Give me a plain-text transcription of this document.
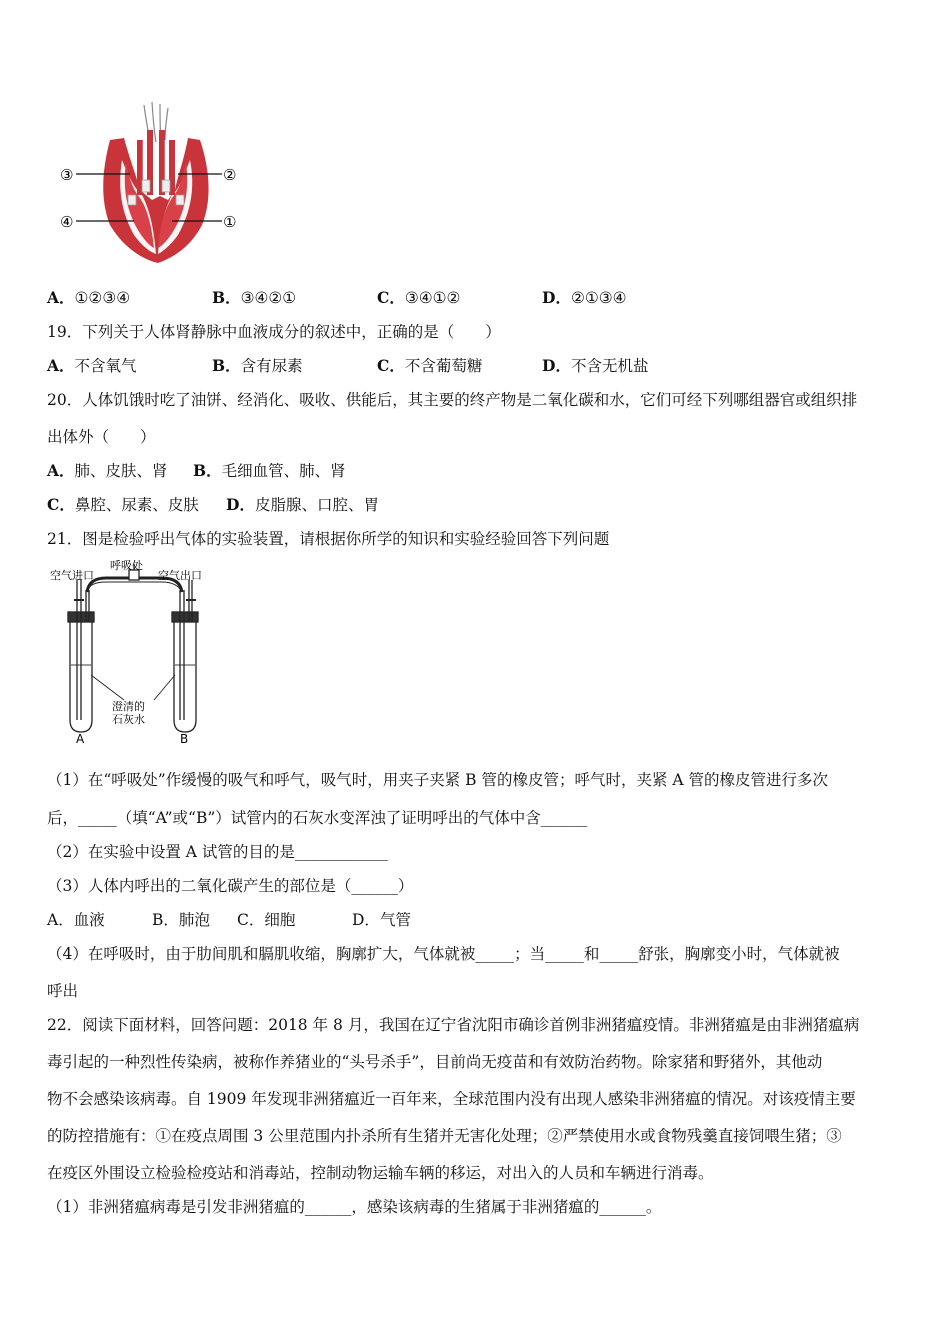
③	②
④	①
A．①②③④	B．③④②①	C．③④①②	D．②①③④
19．下列关于人体肾静脉中血液成分的叙述中，正确的是（　　）
A．不含氧气	B．含有尿素	C．不含葡萄糖	D．不含无机盐
20．人体饥饿时吃了油饼、经消化、吸收、供能后，其主要的终产物是二氧化碳和水，它们可经下列哪组器官或组织排
出体外（　　）
A．肺、皮肤、肾 B．毛细血管、肺、肾
C．鼻腔、尿素、皮肤 D．皮脂腺、口腔、胃
21．图是检验呼出气体的实验装置，请根据你所学的知识和实验经验回答下列问题
空气进口
呼吸处
空气出口
澄清的
石灰水
A	B
（1）在“呼吸处”作缓慢的吸气和呼气，吸气时，用夹子夹紧 B 管的橡皮管；呼气时，夹紧 A 管的橡皮管进行多次
后，_____（填“A”或“B”）试管内的石灰水变浑浊了证明呼出的气体中含______
（2）在实验中设置 A 试管的目的是____________
（3）人体内呼出的二氧化碳产生的部位是（______）
A．血液	B．肺泡 C．细胞	D．气管
（4）在呼吸时，由于肋间肌和膈肌收缩，胸廓扩大，气体就被_____；当_____和_____舒张，胸廓变小时，气体就被
呼出
22．阅读下面材料，回答问题：2018 年 8 月，我国在辽宁省沈阳市确诊首例非洲猪瘟疫情。非洲猪瘟是由非洲猪瘟病
毒引起的一种烈性传染病，被称作养猪业的“头号杀手”，目前尚无疫苗和有效防治药物。除家猪和野猪外，其他动
物不会感染该病毒。自 1909 年发现非洲猪瘟近一百年来，全球范围内没有出现人感染非洲猪瘟的情况。对该疫情主要
的防控措施有：①在疫点周围 3 公里范围内扑杀所有生猪并无害化处理；②严禁使用水或食物残羹直接饲喂生猪；③
在疫区外围设立检验检疫站和消毒站，控制动物运输车辆的移运，对出入的人员和车辆进行消毒。
（1）非洲猪瘟病毒是引发非洲猪瘟的______，感染该病毒的生猪属于非洲猪瘟的______。
